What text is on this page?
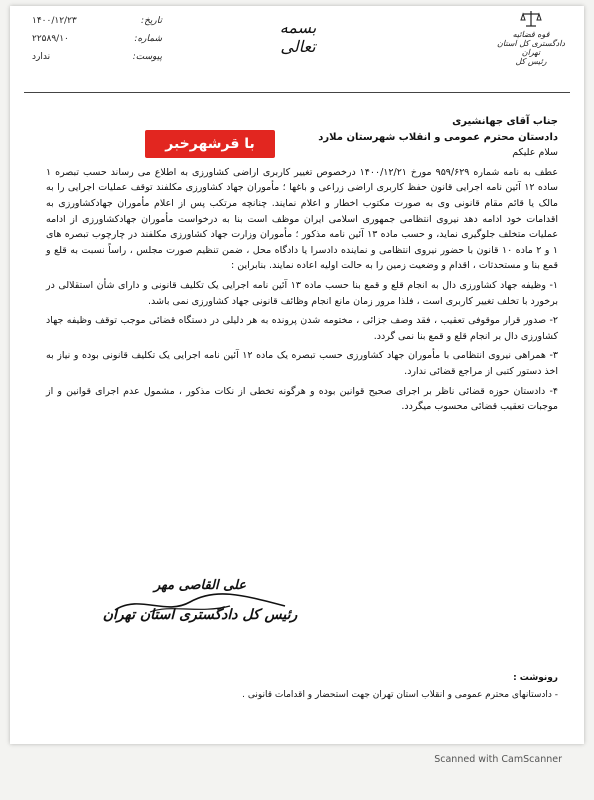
۱۴۰۰/۱۲/۲۳	تاریخ:
۲۲۵۸۹/۱۰	شماره:
ندارد	پیوست:
بسمه تعالی
قوه قضائیه
دادگستری کل استان تهران
رئیس کل
با قرشهرخبر

جناب آقای جهانشیری

دادستان محترم عمومی و انقلاب شهرستان ملارد

سلام علیکم

عطف به نامه شماره ۹۵۹/۶۲۹ مورخ ۱۴۰۰/۱۲/۲۱ درخصوص تغییر کاربری اراضی کشاورزی به اطلاع می رساند حسب تبصره ۱ ساده ۱۲ آئین نامه اجرایی قانون حفظ کاربری اراضی زراعی و باغها ؛ مأموران جهاد کشاورزی مکلفند توقف عملیات اجرایی را به مالک یا قائم مقام قانونی وی به صورت مکتوب اخطار و اعلام نمایند. چنانچه مرتکب پس از اعلام مأموران جهادکشاورزی به اقدامات خود ادامه دهد نیروی انتظامی جمهوری اسلامی ایران موظف است بنا به درخواست مأموران جهادکشاورزی از ادامه عملیات متخلف جلوگیری نماید، و حسب ماده ۱۳ آئین نامه مذکور ؛ مأموران وزارت جهاد کشاورزی مکلفند در چارچوب تبصره های ۱ و ۲ ماده ۱۰ قانون با حضور نیروی انتظامی و نماینده دادسرا یا دادگاه محل ، ضمن تنظیم صورت مجلس ، راساً نسبت به قلع و قمع بنا و مستحدثات ، اقدام و وضعیت زمین را به حالت اولیه اعاده نمایند. بنابراین :

۱- وظیفه جهاد کشاورزی دال به انجام قلع و قمع بنا حسب ماده ۱۳ آئین نامه اجرایی یک تکلیف قانونی و دارای شأن استقلالی در برخورد با تخلف تغییر کاربری است ، فلذا مرور زمان مانع انجام وظائف قانونی جهاد کشاورزی نمی باشد.

۲- صدور قرار موقوفی تعقیب ، فقد وصف جزائی ، مختومه شدن پرونده به هر دلیلی در دستگاه قضائی موجب توقف وظیفه جهاد کشاورزی دال بر انجام قلع و قمع بنا نمی گردد.

۳- همراهی نیروی انتظامی با مأموران جهاد کشاورزی حسب تبصره یک ماده ۱۲ آئین نامه اجرایی یک تکلیف قانونی بوده و نیاز به اخذ دستور کتبی از مراجع قضائی ندارد.

۴- دادستان حوزه قضائی ناظر بر اجرای صحیح قوانین بوده و هرگونه تخطی از نکات مذکور ، مشمول عدم اجرای قوانین و از موجبات تعقیب قضائی محسوب میگردد.

علی القاصی مهر
رئیس کل دادگستری استان تهران
رونوشت :
- دادستانهای محترم عمومی و انقلاب استان تهران جهت استحضار و اقدامات قانونی .
Scanned with CamScanner
